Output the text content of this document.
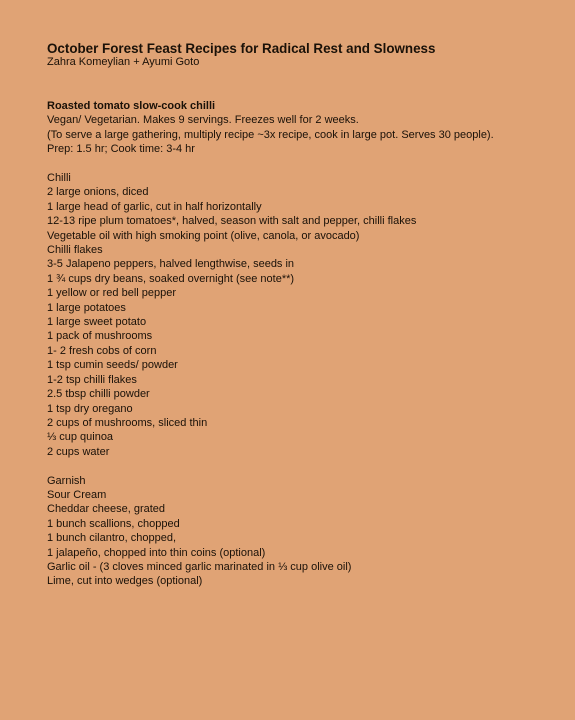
October Forest Feast Recipes for Radical Rest and Slowness

Zahra Komeylian + Ayumi Goto

Roasted tomato slow-cook chilli

Vegan/ Vegetarian. Makes 9 servings. Freezes well for 2 weeks.

(To serve a large gathering, multiply recipe ~3x recipe, cook in large pot. Serves 30 people).

Prep: 1.5 hr; Cook time: 3-4 hr

Chilli

2 large onions, diced

1 large head of garlic, cut in half horizontally

12-13 ripe plum tomatoes*, halved, season with salt and pepper, chilli flakes

Vegetable oil with high smoking point (olive, canola, or avocado)

Chilli flakes

3-5 Jalapeno peppers, halved lengthwise, seeds in

1 ¾ cups dry beans, soaked overnight (see note**)

1 yellow or red bell pepper

1 large potatoes

1 large sweet potato

1 pack of mushrooms

1- 2 fresh cobs of corn

1 tsp cumin seeds/ powder

1-2 tsp chilli flakes

2.5 tbsp chilli powder

1 tsp dry oregano

2 cups of mushrooms, sliced thin

⅓ cup quinoa

2 cups water

Garnish

Sour Cream

Cheddar cheese, grated

1 bunch scallions, chopped

1 bunch cilantro, chopped,

1 jalapeño, chopped into thin coins (optional)

Garlic oil - (3 cloves minced garlic marinated in ⅓ cup olive oil)

Lime, cut into wedges (optional)
